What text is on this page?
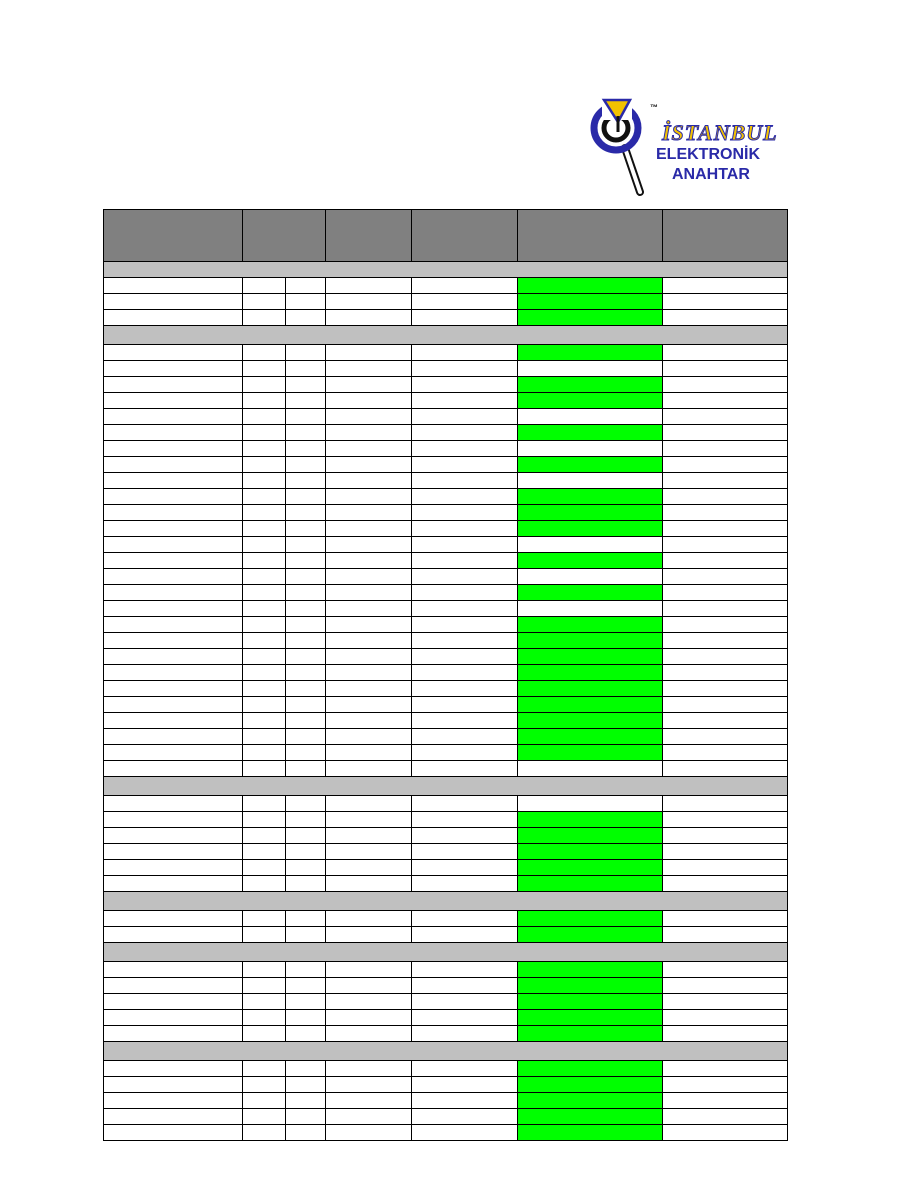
™
İSTANBUL
ELEKTRONİK
ANAHTAR
